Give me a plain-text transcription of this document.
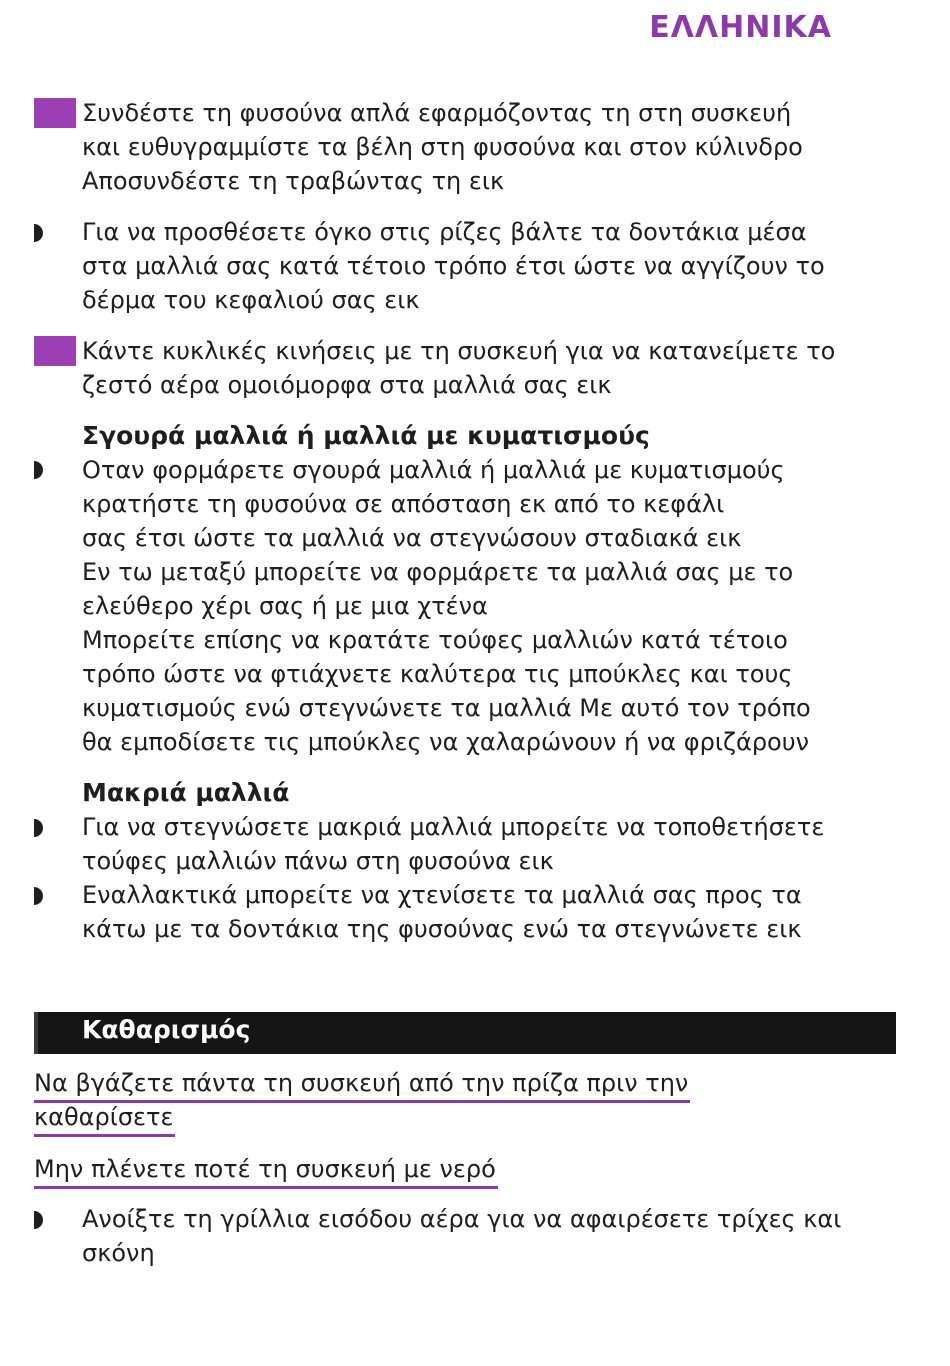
ΕΛΛΗΝΙΚΑ
Συνδέστε τη φυσούνα απλά εφαρμόζοντας τη στη συσκευή
και ευθυγραμμίστε τα βέλη στη φυσούνα και στον κύλινδρο
Αποσυνδέστε τη τραβώντας τη εικ
Για να προσθέσετε όγκο στις ρίζες βάλτε τα δοντάκια μέσα
στα μαλλιά σας κατά τέτοιο τρόπο έτσι ώστε να αγγίζουν το
δέρμα του κεφαλιού σας εικ
Κάντε κυκλικές κινήσεις με τη συσκευή για να κατανείμετε το
ζεστό αέρα ομοιόμορφα στα μαλλιά σας εικ
Σγουρά μαλλιά ή μαλλιά με κυματισμούς
Οταν φορμάρετε σγουρά μαλλιά ή μαλλιά με κυματισμούς
κρατήστε τη φυσούνα σε απόσταση εκ από το κεφάλι
σας έτσι ώστε τα μαλλιά να στεγνώσουν σταδιακά εικ
Εν τω μεταξύ μπορείτε να φορμάρετε τα μαλλιά σας με το
ελεύθερο χέρι σας ή με μια χτένα
Μπορείτε επίσης να κρατάτε τούφες μαλλιών κατά τέτοιο
τρόπο ώστε να φτιάχνετε καλύτερα τις μπούκλες και τους
κυματισμούς ενώ στεγνώνετε τα μαλλιά Με αυτό τον τρόπο
θα εμποδίσετε τις μπούκλες να χαλαρώνουν ή να φριζάρουν
Μακριά μαλλιά
Για να στεγνώσετε μακριά μαλλιά μπορείτε να τοποθετήσετε
τούφες μαλλιών πάνω στη φυσούνα εικ
Εναλλακτικά μπορείτε να χτενίσετε τα μαλλιά σας προς τα
κάτω με τα δοντάκια της φυσούνας ενώ τα στεγνώνετε εικ
Καθαρισμός
Να βγάζετε πάντα τη συσκευή από την πρίζα πριν την
καθαρίσετε
Μην πλένετε ποτέ τη συσκευή με νερό
Ανοίξτε τη γρίλλια εισόδου αέρα για να αφαιρέσετε τρίχες και
σκόνη
